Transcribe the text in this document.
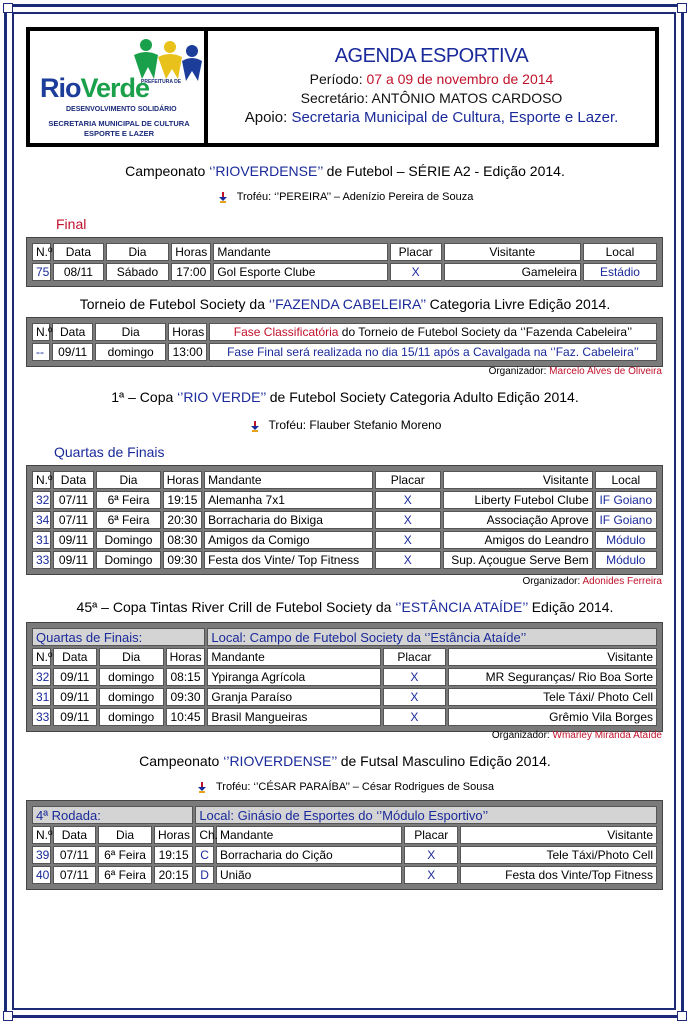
PREFEITURA DE
RioVerde
DESENVOLVIMENTO SOLIDÁRIO
SECRETARIA MUNICIPAL DE CULTURA
ESPORTE E LAZER
AGENDA ESPORTIVA
Período: 07 a 09 de novembro de 2014
Secretário: ANTÔNIO MATOS CARDOSO
Apoio: Secretaria Municipal de Cultura, Esporte e Lazer.
Campeonato ‘’RIOVERDENSE’’ de Futebol – SÉRIE A2 - Edição 2014.
Troféu: ‘’PEREIRA’’ – Adenízio Pereira de Souza
Final
N.º	Data	Dia	Horas	Mandante	Placar	Visitante	Local
75	08/11	Sábado	17:00	Gol Esporte Clube	X	Gameleira	Estádio
Torneio de Futebol Society da ‘’FAZENDA CABELEIRA’’ Categoria Livre Edição 2014.
N.º	Data	Dia	Horas	Fase Classificatória do Torneio de Futebol Society da ‘’Fazenda Cabeleira’’
--	09/11	domingo	13:00	Fase Final será realizada no dia 15/11 após a Cavalgada na ‘’Faz. Cabeleira’’
Organizador: Marcelo Alves de Oliveira
1ª – Copa ‘’RIO VERDE’’ de Futebol Society Categoria Adulto Edição 2014.
Troféu: Flauber Stefanio Moreno
Quartas de Finais
N.º	Data	Dia	Horas	Mandante	Placar	Visitante	Local
32	07/11	6ª Feira	19:15	Alemanha 7x1	X	Liberty Futebol Clube	IF Goiano
34	07/11	6ª Feira	20:30	Borracharia do Bixiga	X	Associação Aprove	IF Goiano
31	09/11	Domingo	08:30	Amigos da Comigo	X	Amigos do Leandro	Módulo
33	09/11	Domingo	09:30	Festa dos Vinte/ Top Fitness	X	Sup. Açougue Serve Bem	Módulo
Organizador: Adonides Ferreira
45ª – Copa Tintas River Crill de Futebol Society da ‘’ESTÂNCIA ATAÍDE’’ Edição 2014.
Quartas de Finais:				Local: Campo de Futebol Society da ‘’Estância Ataíde’’		
N.º	Data	Dia	Horas	Mandante	Placar	Visitante
32	09/11	domingo	08:15	Ypiranga Agrícola	X	MR Seguranças/ Rio Boa Sorte
31	09/11	domingo	09:30	Granja Paraíso	X	Tele Táxi/ Photo Cell
33	09/11	domingo	10:45	Brasil Mangueiras	X	Grêmio Vila Borges
Organizador: Wmarley Miranda Ataíde
Campeonato ‘’RIOVERDENSE’’ de Futsal Masculino Edição 2014.
Troféu: ‘’CÉSAR PARAÍBA’’ – César Rodrigues de Sousa
4ª Rodada:				Local: Ginásio de Esportes do ‘’Módulo Esportivo’’			
N.º	Data	Dia	Horas	Ch.	Mandante	Placar	Visitante
39	07/11	6ª Feira	19:15	C	Borracharia do Cição	X	Tele Táxi/Photo Cell
40	07/11	6ª Feira	20:15	D	União	X	Festa dos Vinte/Top Fitness
